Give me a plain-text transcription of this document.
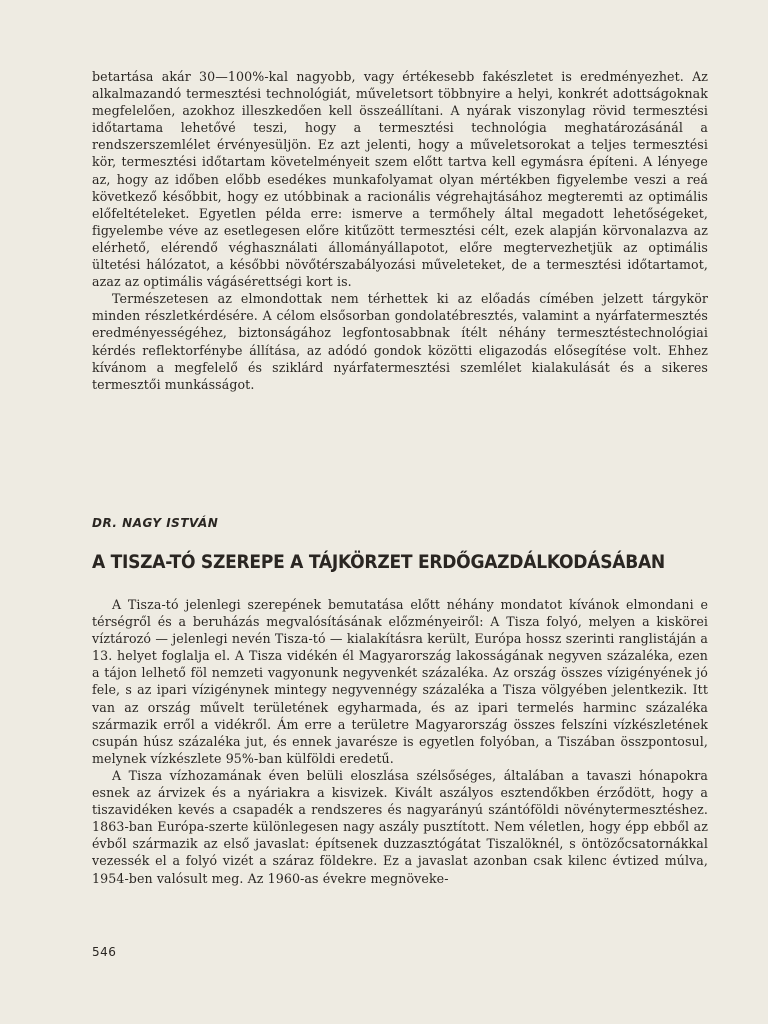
betartása akár 30—100%-kal nagyobb, vagy értékesebb fakészletet is eredményezhet. Az alkalmazandó termesztési technológiát, műveletsort többnyire a helyi, konkrét adottságoknak megfelelően, azokhoz illeszkedően kell összeállítani. A nyárak viszonylag rövid termesztési időtartama lehetővé teszi, hogy a termesztési technológia meghatározásánál a rendszerszemlélet érvényesüljön. Ez azt jelenti, hogy a műveletsorokat a teljes termesztési kör, termesztési időtartam követelményeit szem előtt tartva kell egymásra építeni. A lényege az, hogy az időben előbb esedékes munkafolyamat olyan mértékben figyelembe veszi a reá következő későbbit, hogy ez utóbbinak a racionális végrehajtásához megteremti az optimális előfeltételeket. Egyetlen példa erre: ismerve a termőhely által megadott lehetőségeket, figyelembe véve az esetlegesen előre kitűzött termesztési célt, ezek alapján körvonalazva az elérhető, elérendő véghasználati állományállapotot, előre megtervezhetjük az optimális ültetési hálózatot, a későbbi növőtérszabályozási műveleteket, de a termesztési időtartamot, azaz az optimális vágásérettségi kort is.

Természetesen az elmondottak nem térhettek ki az előadás címében jelzett tárgykör minden részletkérdésére. A célom elsősorban gondolatébresztés, valamint a nyárfatermesztés eredményességéhez, biztonságához legfontosabbnak ítélt néhány termesztéstechnológiai kérdés reflektorfénybe állítása, az adódó gondok közötti eligazodás elősegítése volt. Ehhez kívánom a megfelelő és sziklárd nyárfatermesztési szemlélet kialakulását és a sikeres termesztői munkásságot.

DR. NAGY ISTVÁN

A TISZA-TÓ SZEREPE A TÁJKÖRZET ERDŐGAZDÁLKODÁSÁBAN

A Tisza-tó jelenlegi szerepének bemutatása előtt néhány mondatot kívánok elmondani e térségről és a beruházás megvalósításának előzményeiről: A Tisza folyó, melyen a kiskörei víztározó — jelenlegi nevén Tisza-tó — kialakításra került, Európa hossz szerinti ranglistáján a 13. helyet foglalja el. A Tisza vidékén él Magyarország lakosságának negyven százaléka, ezen a tájon lelhető föl nemzeti vagyonunk negyvenkét százaléka. Az ország összes vízigényének jó fele, s az ipari vízigénynek mintegy negyvennégy százaléka a Tisza völgyében jelentkezik. Itt van az ország művelt területének egyharmada, és az ipari termelés harminc százaléka származik erről a vidékről. Ám erre a területre Magyarország összes felszíni vízkészletének csupán húsz százaléka jut, és ennek javarésze is egyetlen folyóban, a Tiszában összpontosul, melynek vízkészlete 95%-ban külföldi eredetű.

A Tisza vízhozamának éven belüli eloszlása szélsőséges, általában a tavaszi hónapokra esnek az árvizek és a nyáriakra a kisvizek. Kivált aszályos esztendőkben érződött, hogy a tiszavidéken kevés a csapadék a rendszeres és nagyarányú szántóföldi növénytermesztéshez. 1863-ban Európa-szerte különlegesen nagy aszály pusztított. Nem véletlen, hogy épp ebből az évből származik az első javaslat: építsenek duzzasztógátat Tiszalöknél, s öntözőcsatornákkal vezessék el a folyó vizét a száraz földekre. Ez a javaslat azonban csak kilenc évtized múlva, 1954-ben valósult meg. Az 1960-as évekre megnöveke-

546
